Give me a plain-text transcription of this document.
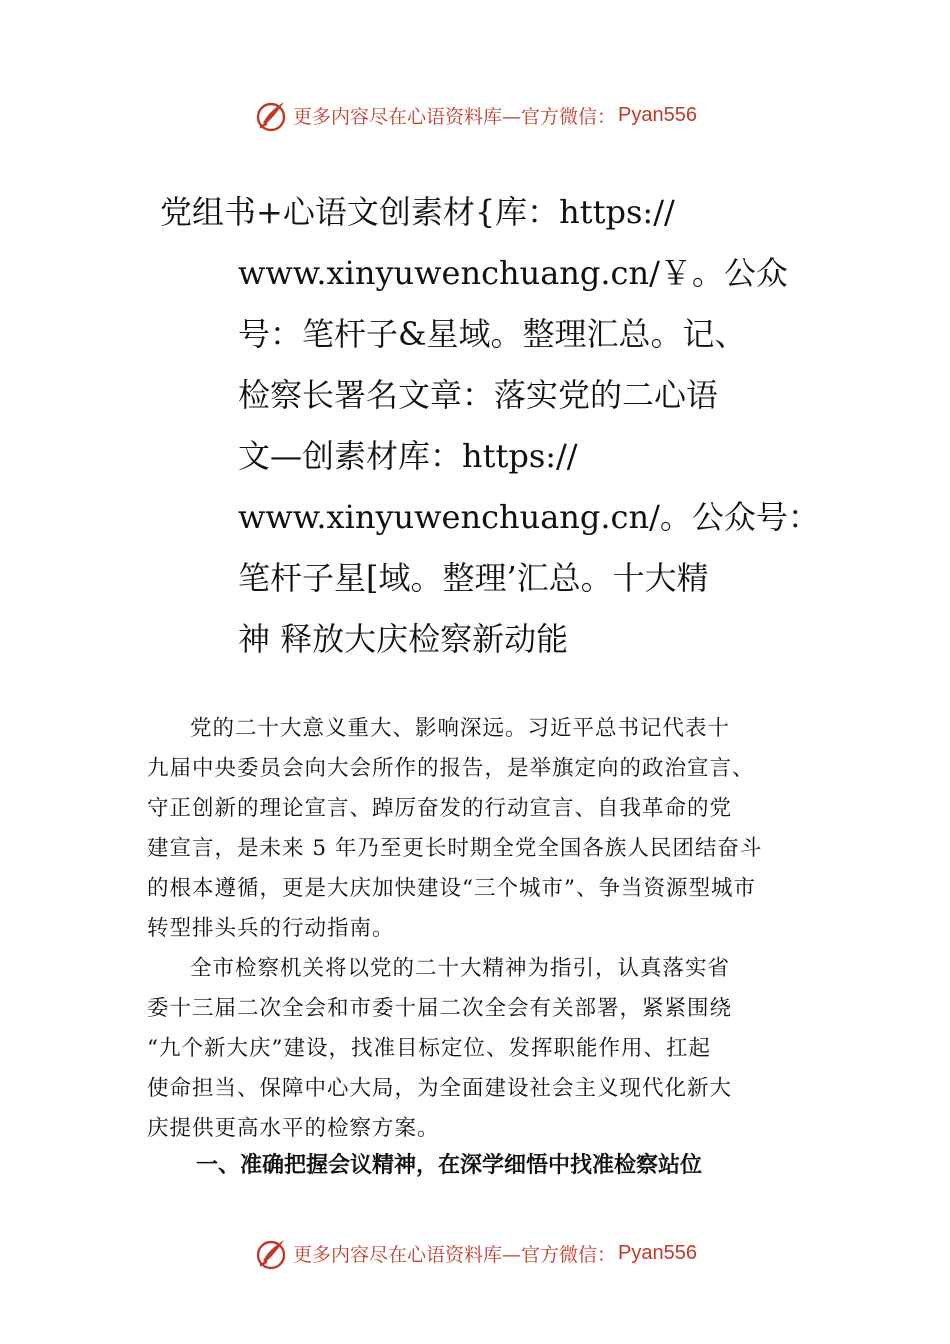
更多内容尽在心语资料库—官方微信： Pyan556
党组书+心语文创素材{库：https://
www.xinyuwenchuang.cn/￥。公众
号：笔杆子&星域。整理汇总。记、
检察长署名文章：落实党的二心语
文—创素材库：https://
www.xinyuwenchuang.cn/。公众号：
笔杆子星[域。整理’汇总。十大精
神 释放大庆检察新动能
党的二十大意义重大、影响深远。习近平总书记代表十
九届中央委员会向大会所作的报告，是举旗定向的政治宣言、
守正创新的理论宣言、踔厉奋发的行动宣言、自我革命的党
建宣言，是未来 5 年乃至更长时期全党全国各族人民团结奋斗
的根本遵循，更是大庆加快建设“三个城市”、争当资源型城市
转型排头兵的行动指南。
全市检察机关将以党的二十大精神为指引，认真落实省
委十三届二次全会和市委十届二次全会有关部署，紧紧围绕
“九个新大庆”建设，找准目标定位、发挥职能作用、扛起
使命担当、保障中心大局，为全面建设社会主义现代化新大
庆提供更高水平的检察方案。
一、准确把握会议精神，在深学细悟中找准检察站位
更多内容尽在心语资料库—官方微信： Pyan556
